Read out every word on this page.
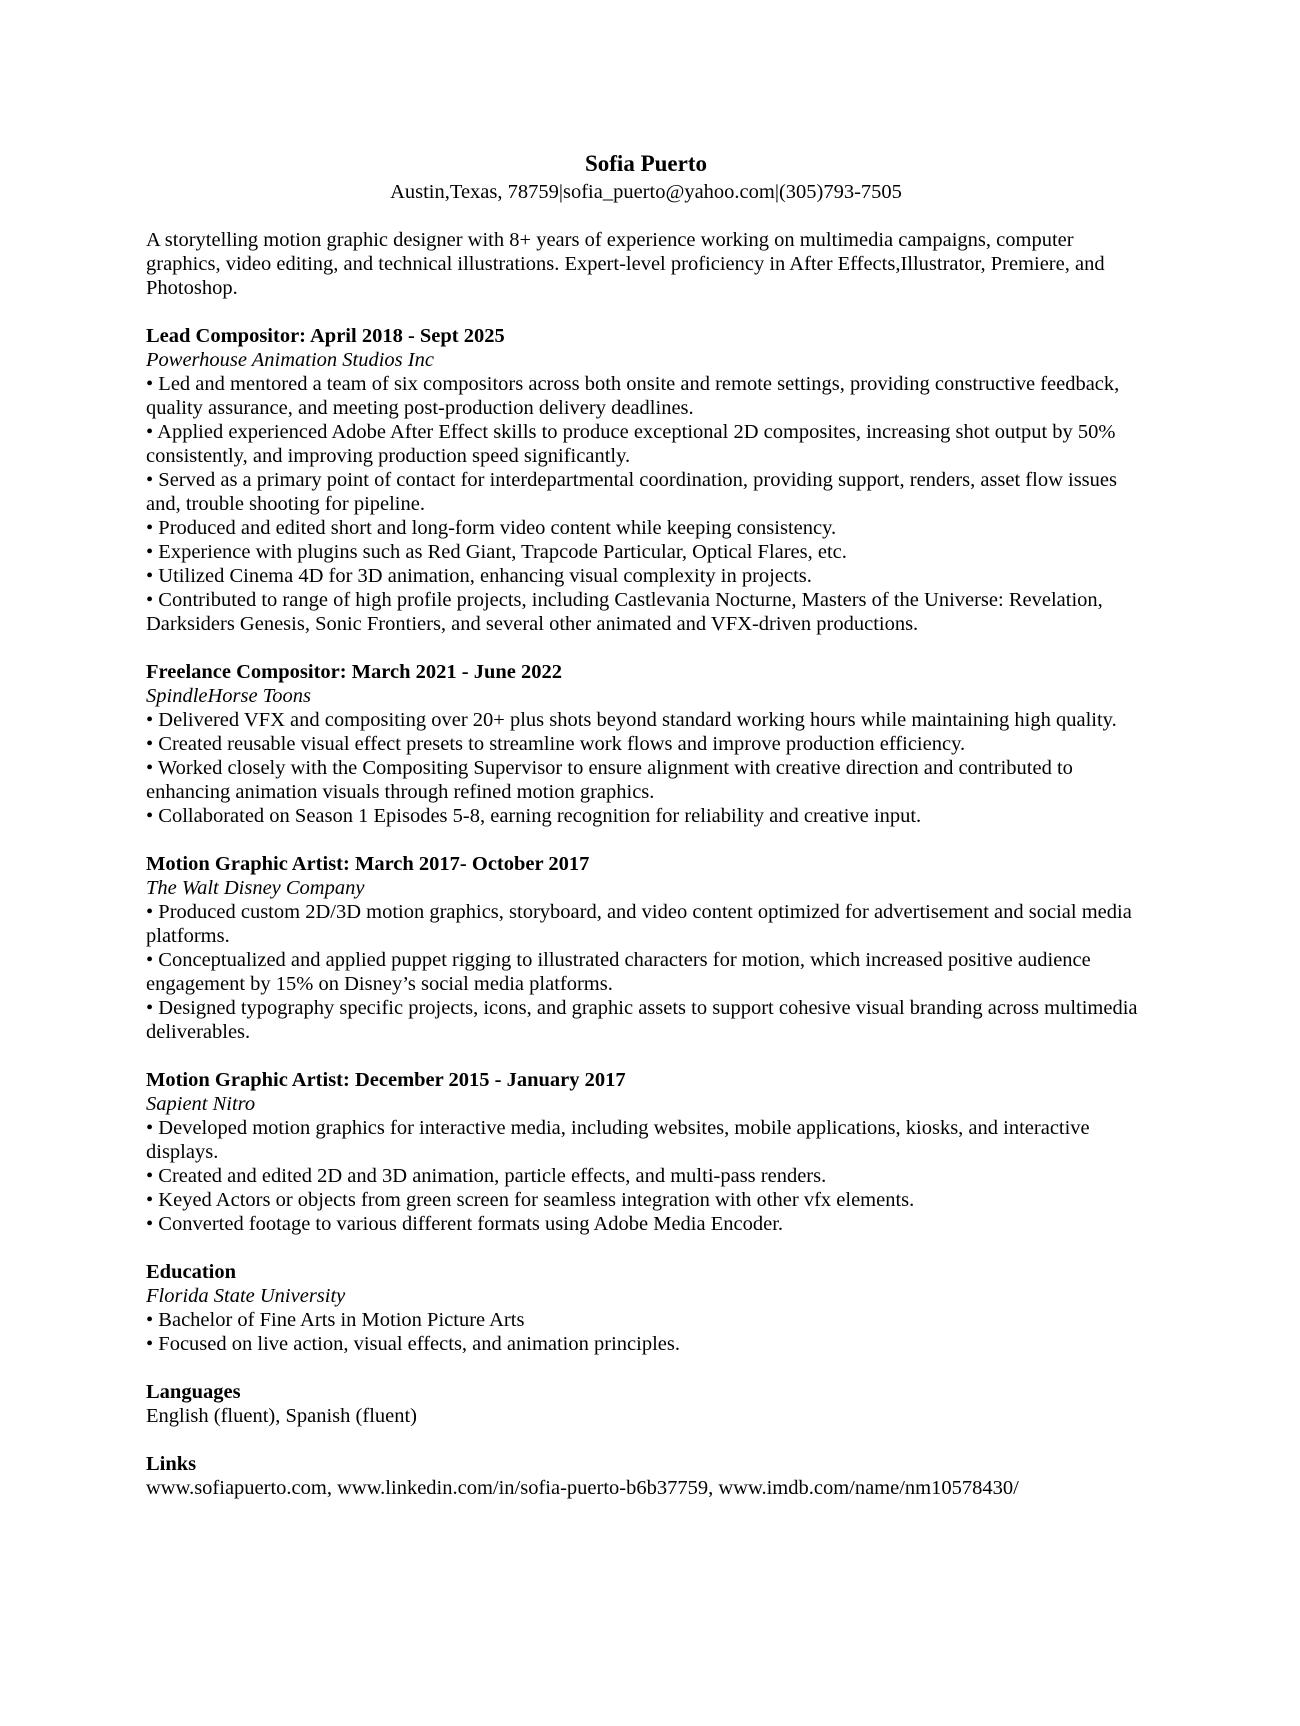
Sofia Puerto
Austin,Texas, 78759|sofia_puerto@yahoo.com|(305)793-7505
A storytelling motion graphic designer with 8+ years of experience working on multimedia campaigns, computer graphics, video editing, and technical illustrations. Expert-level proficiency in After Effects,Illustrator, Premiere, and Photoshop.
Lead Compositor: April 2018 - Sept 2025
Powerhouse Animation Studios Inc
• Led and mentored a team of six compositors across both onsite and remote settings, providing constructive feedback, quality assurance, and meeting post-production delivery deadlines.
• Applied experienced Adobe After Effect skills to produce exceptional 2D composites, increasing shot output by 50% consistently, and improving production speed significantly.
• Served as a primary point of contact for interdepartmental coordination, providing support, renders, asset flow issues and, trouble shooting for pipeline.
• Produced and edited short and long-form video content while keeping consistency.
• Experience with plugins such as Red Giant, Trapcode Particular, Optical Flares, etc.
• Utilized Cinema 4D for 3D animation, enhancing visual complexity in projects.
• Contributed to range of high profile projects, including Castlevania Nocturne, Masters of the Universe: Revelation, Darksiders Genesis, Sonic Frontiers, and several other animated and VFX-driven productions.
Freelance Compositor: March 2021 - June 2022
SpindleHorse Toons
• Delivered VFX and compositing over 20+ plus shots beyond standard working hours while maintaining high quality.
• Created reusable visual effect presets to streamline work flows and improve production efficiency.
• Worked closely with the Compositing Supervisor to ensure alignment with creative direction and contributed to enhancing animation visuals through refined motion graphics.
• Collaborated on Season 1 Episodes 5-8, earning recognition for reliability and creative input.
Motion Graphic Artist: March 2017- October 2017
The Walt Disney Company
• Produced custom 2D/3D motion graphics, storyboard, and video content optimized for advertisement and social media platforms.
• Conceptualized and applied puppet rigging to illustrated characters for motion, which increased positive audience engagement by 15% on Disney’s social media platforms.
• Designed typography specific projects, icons, and graphic assets to support cohesive visual branding across multimedia deliverables.
Motion Graphic Artist: December 2015 - January 2017
Sapient Nitro
• Developed motion graphics for interactive media, including websites, mobile applications, kiosks, and interactive displays.
• Created and edited 2D and 3D animation, particle effects, and multi-pass renders.
• Keyed Actors or objects from green screen for seamless integration with other vfx elements.
• Converted footage to various different formats using Adobe Media Encoder.
Education
Florida State University
• Bachelor of Fine Arts in Motion Picture Arts
• Focused on live action, visual effects, and animation principles.
Languages
English (fluent), Spanish (fluent)
Links
www.sofiapuerto.com, www.linkedin.com/in/sofia-puerto-b6b37759, www.imdb.com/name/nm10578430/
